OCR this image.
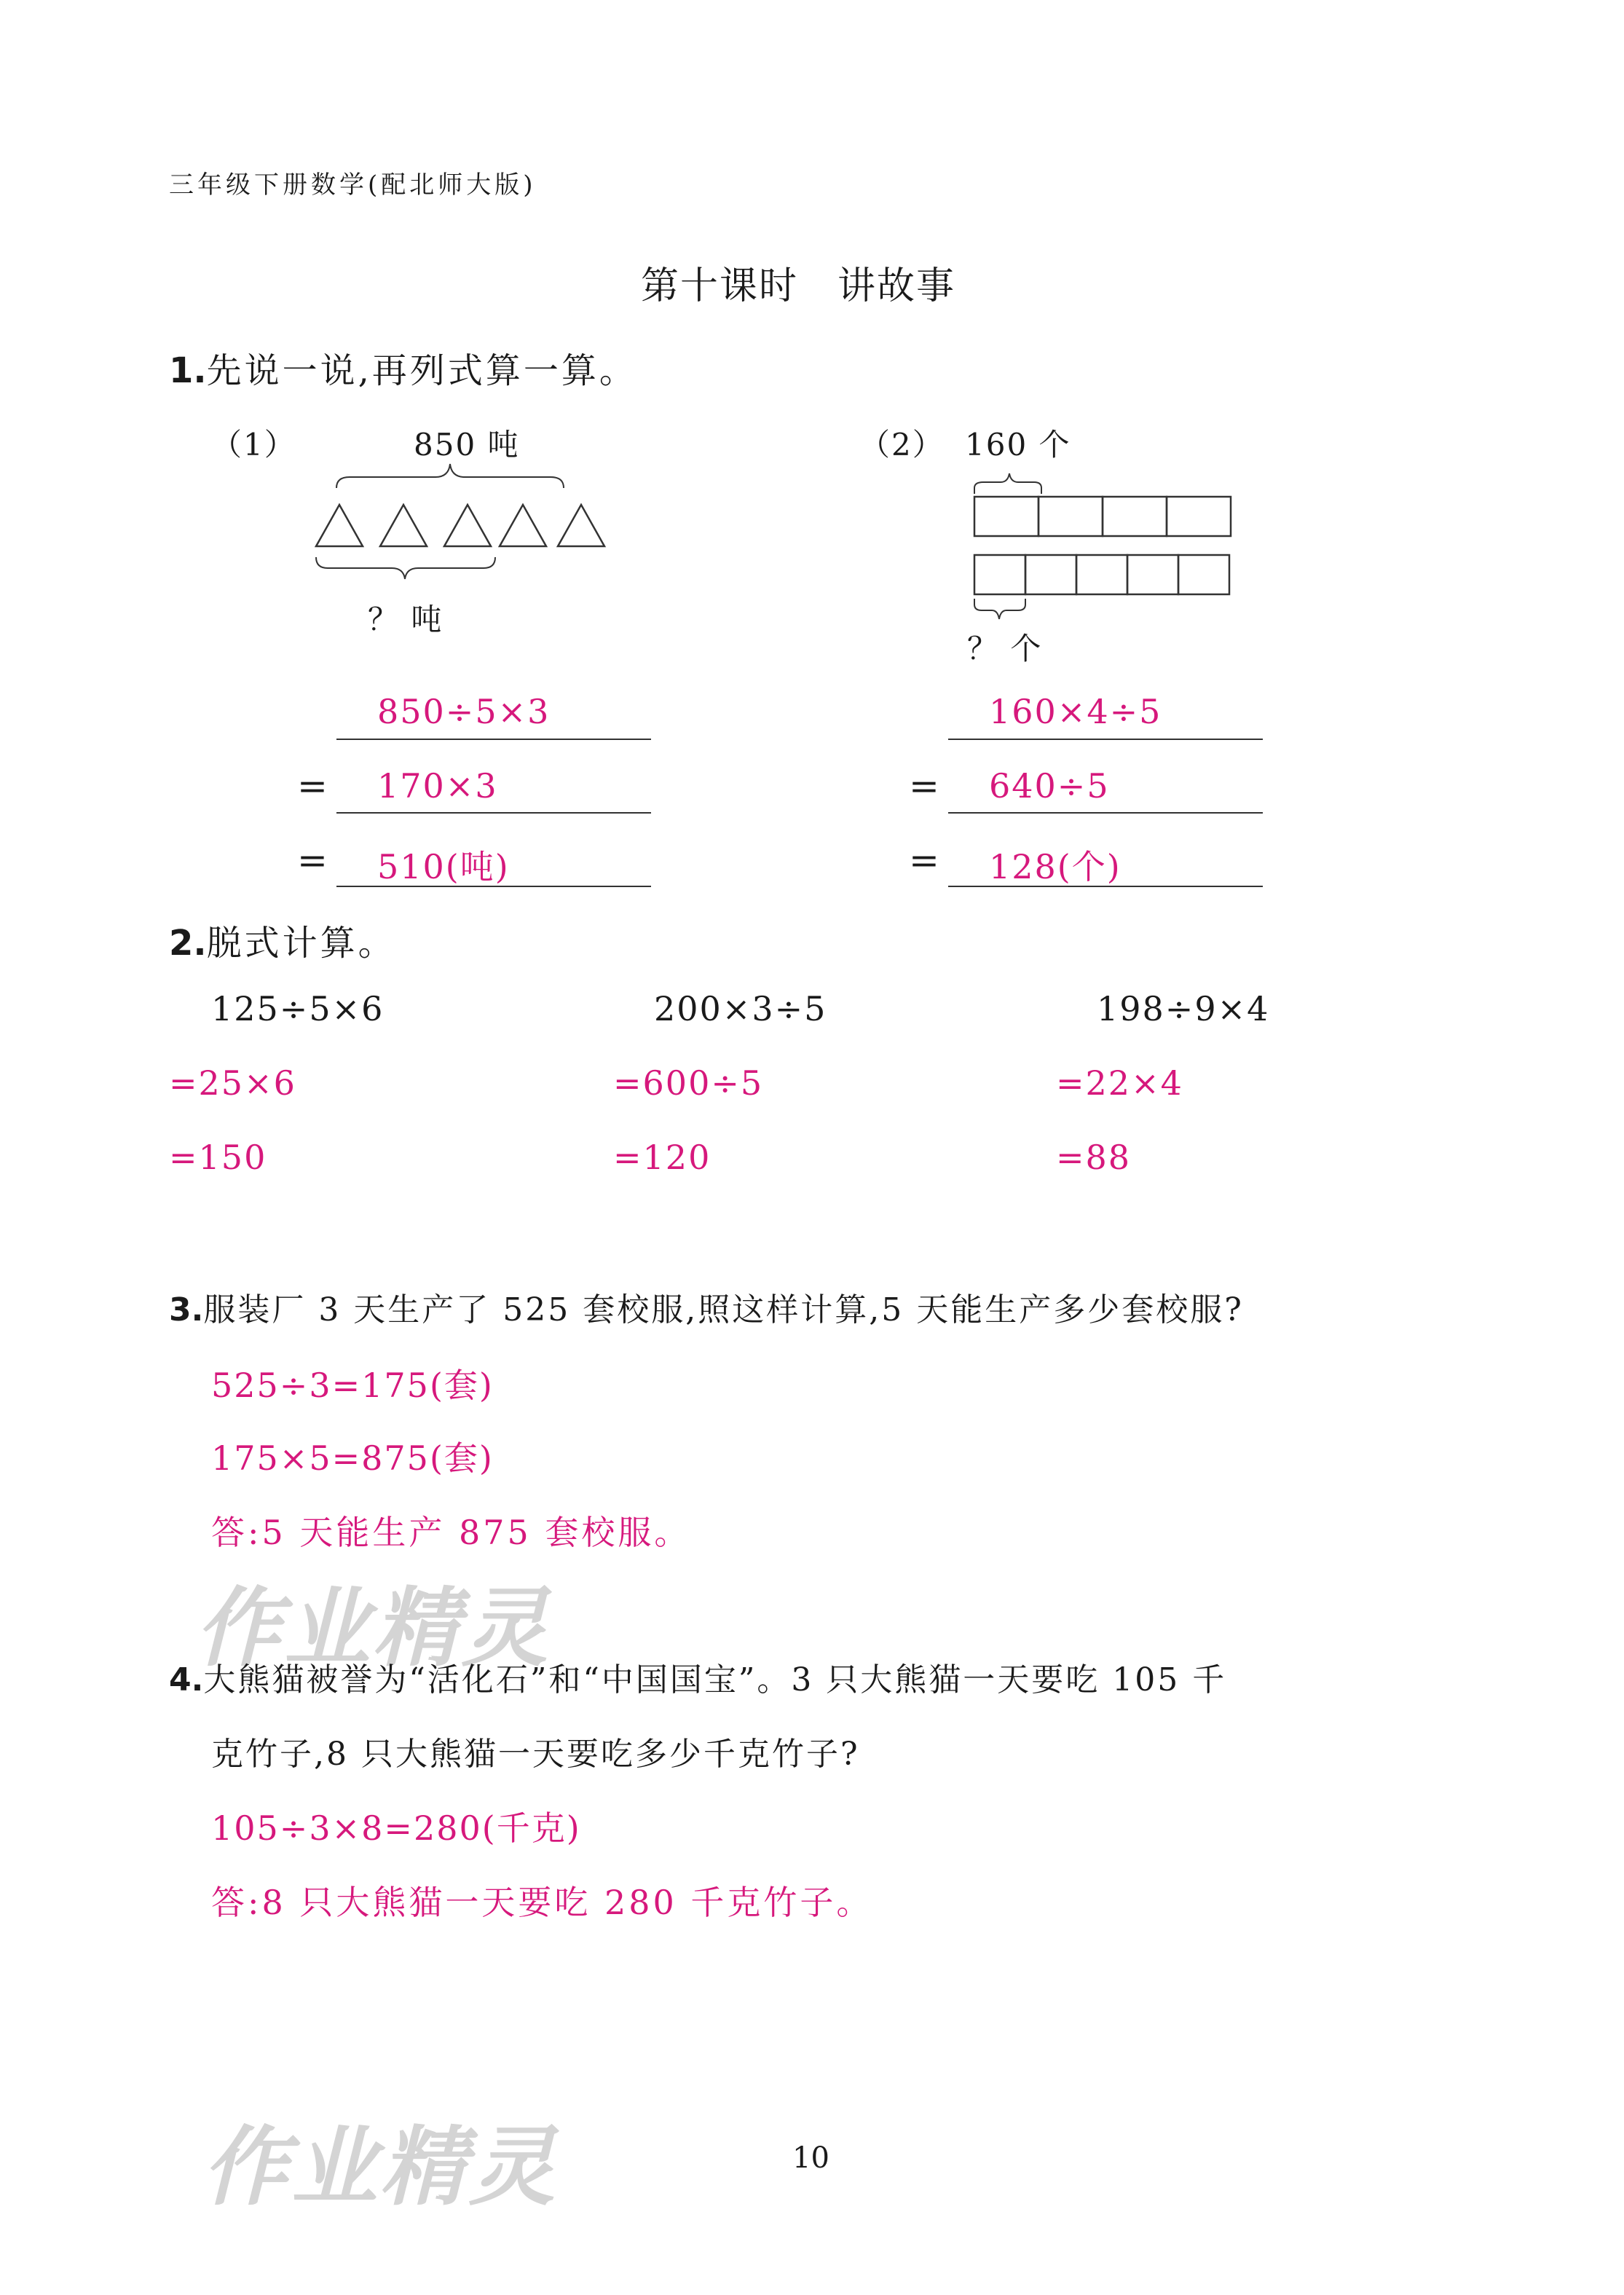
三年级下册数学(配北师大版)
第十课时　讲故事
1.先说一说,再列式算一算。
（1）	850 吨
？ 吨
850÷5×3
= 170×3
= 510(吨)
（2） 160 个
？ 个
160×4÷5
= 640÷5
= 128(个)
2.脱式计算。
125÷5×6
=25×6
=150
200×3÷5
=600÷5
=120
198÷9×4
=22×4
=88
3.服装厂 3 天生产了 525 套校服,照这样计算,5 天能生产多少套校服?
525÷3=175(套)
175×5=875(套)
答:5 天能生产 875 套校服。
作业精灵
4.大熊猫被誉为“活化石”和“中国国宝”。3 只大熊猫一天要吃 105 千
克竹子,8 只大熊猫一天要吃多少千克竹子?
105÷3×8=280(千克)
答:8 只大熊猫一天要吃 280 千克竹子。
作业精灵	10
